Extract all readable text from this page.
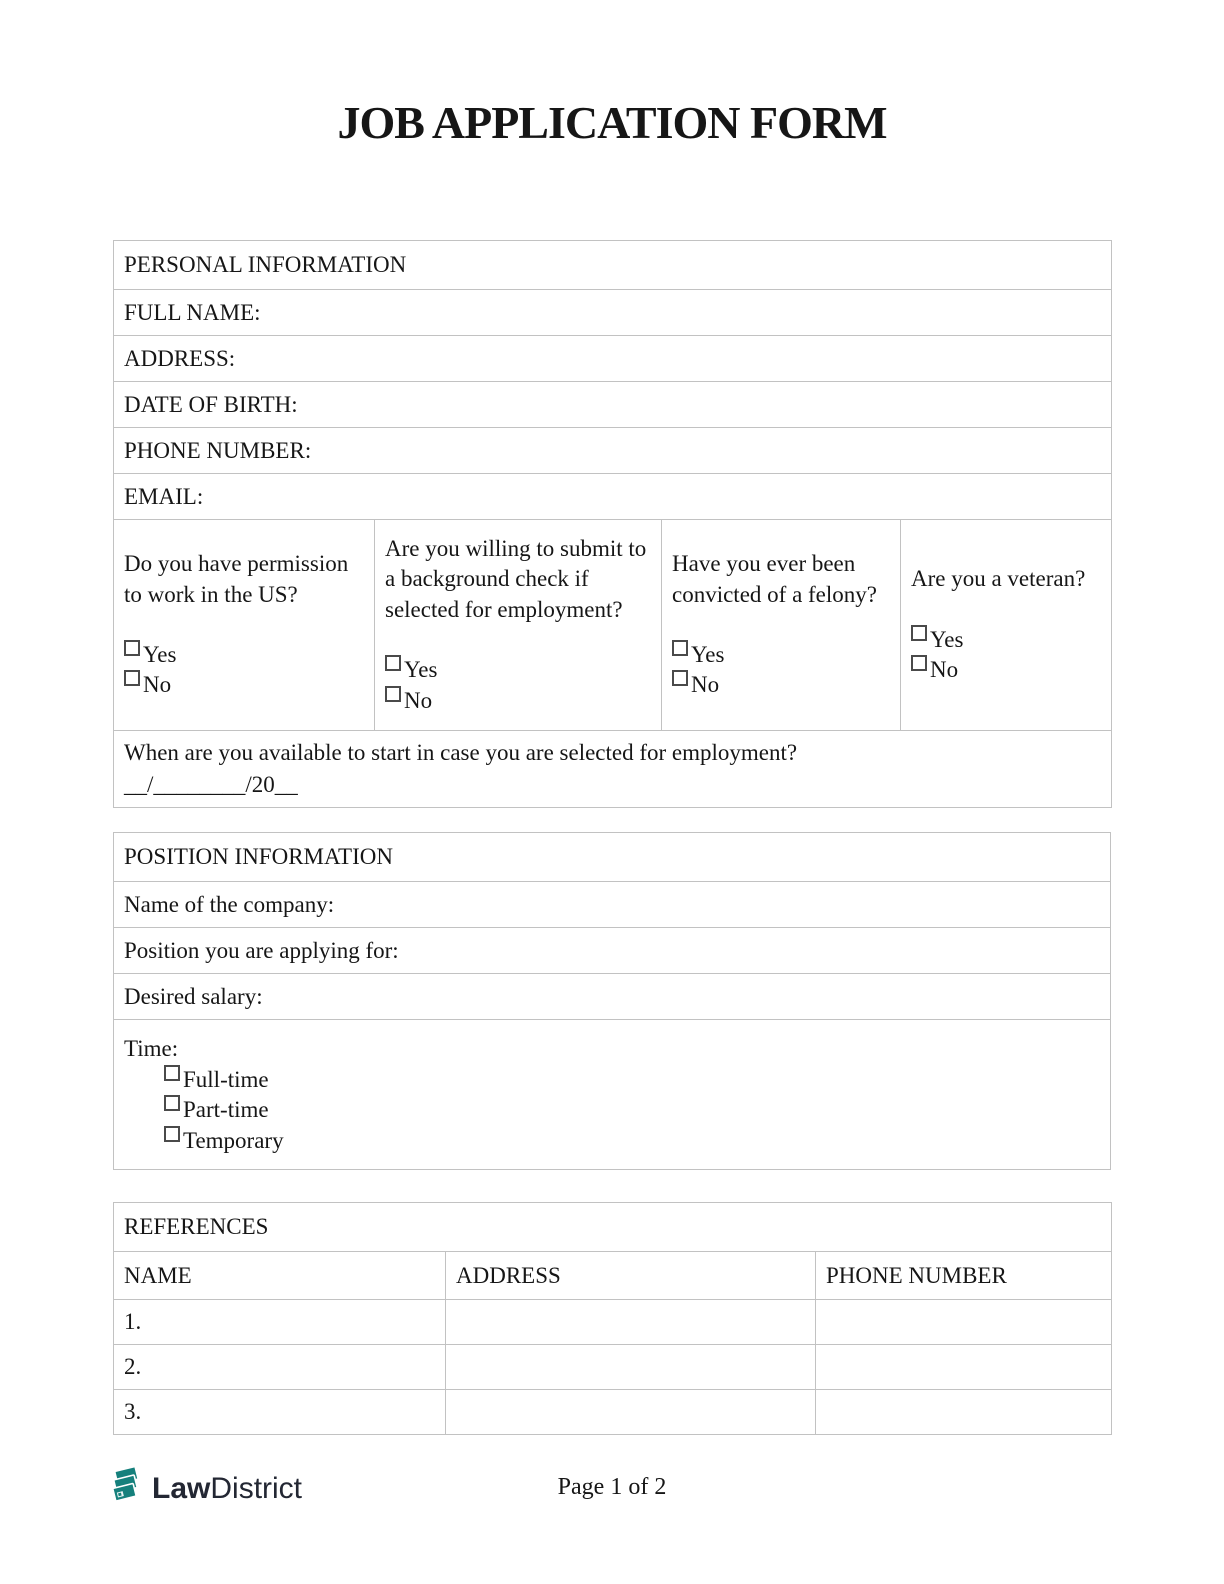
JOB APPLICATION FORM
PERSONAL INFORMATION
FULL NAME:
ADDRESS:
DATE OF BIRTH:
PHONE NUMBER:
EMAIL:

Do you have permission to work in the US?
Yes
No

Are you willing to submit to a background check if selected for employment?
Yes
No

Have you ever been convicted of a felony?
Yes
No

Are you a veteran?
Yes
No

When are you available to start in case you are selected for employment?
__/________/20__
POSITION INFORMATION
Name of the company:
Position you are applying for:
Desired salary:

Time:
Full-time
Part-time
Temporary
REFERENCES		
NAME	ADDRESS	PHONE NUMBER
1.		
2.		
3.		
Law District	Page 1 of 2
